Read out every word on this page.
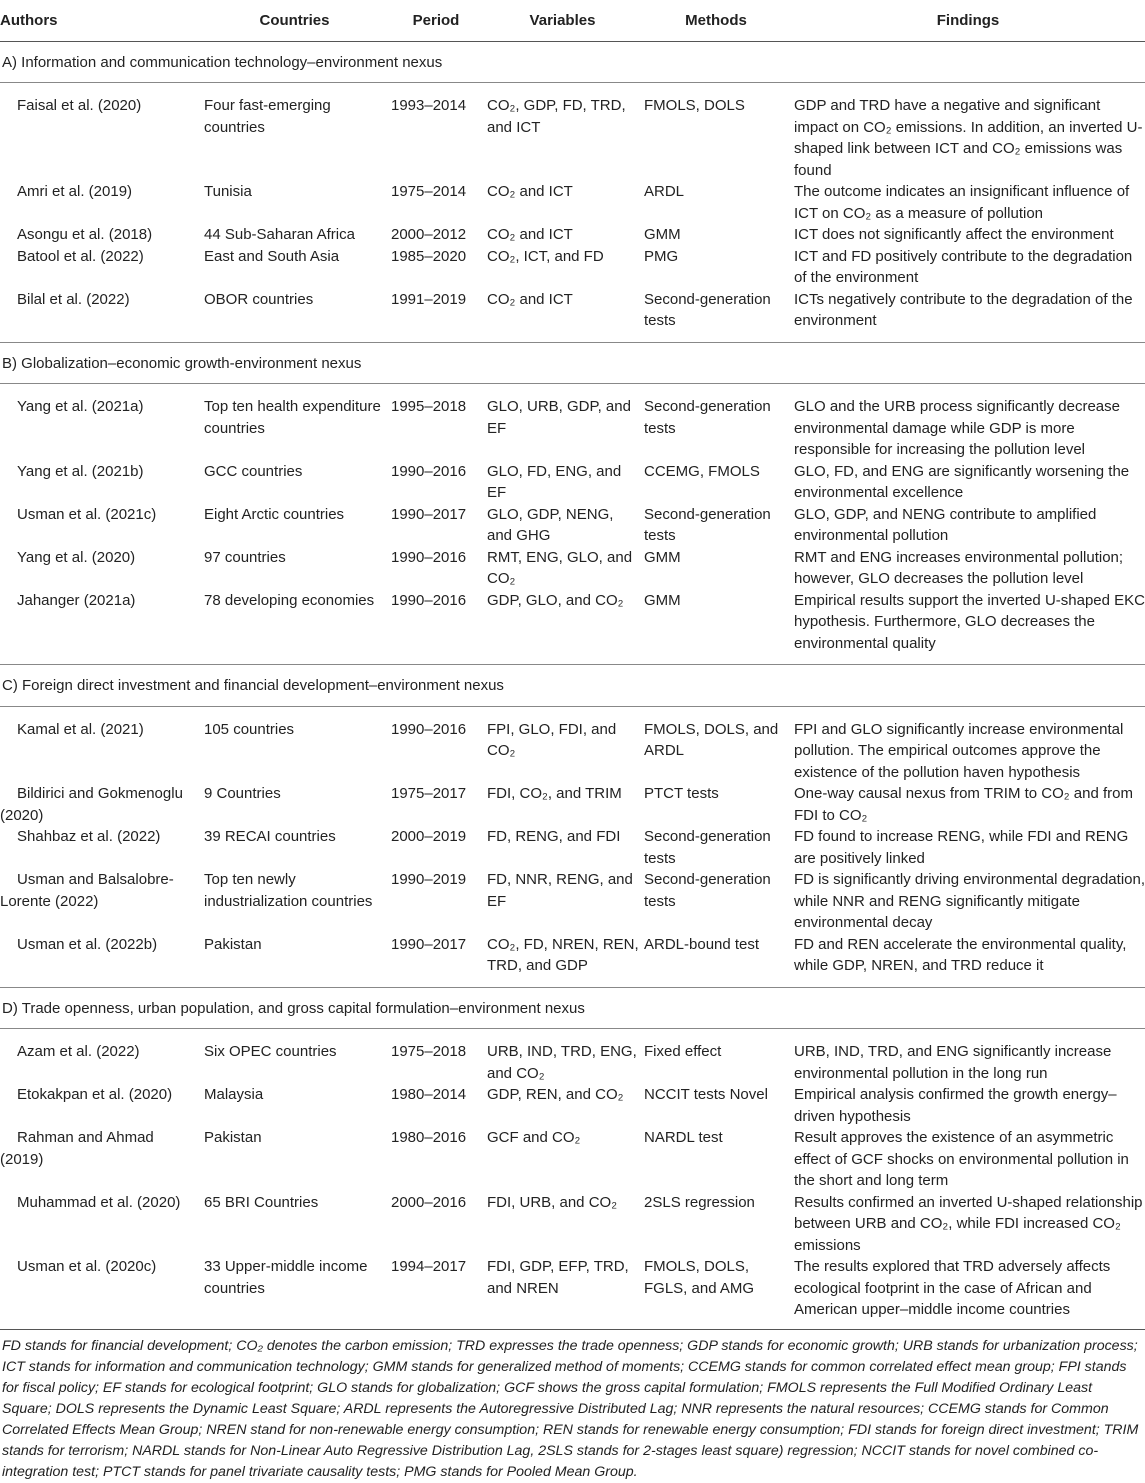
Authors	Countries	Period	Variables	Methods	Findings
A) Information and communication technology–environment nexus					
Faisal et al. (2020)	Four fast-emerging countries	1993–2014	CO₂, GDP, FD, TRD, and ICT	FMOLS, DOLS	GDP and TRD have a negative and significant impact on CO₂ emissions. In addition, an inverted U-shaped link between ICT and CO₂ emissions was found
Amri et al. (2019)	Tunisia	1975–2014	CO₂ and ICT	ARDL	The outcome indicates an insignificant influence of ICT on CO₂ as a measure of pollution
Asongu et al. (2018)	44 Sub-Saharan Africa	2000–2012	CO₂ and ICT	GMM	ICT does not significantly affect the environment
Batool et al. (2022)	East and South Asia	1985–2020	CO₂, ICT, and FD	PMG	ICT and FD positively contribute to the degradation of the environment
Bilal et al. (2022)	OBOR countries	1991–2019	CO₂ and ICT	Second-generation tests	ICTs negatively contribute to the degradation of the environment
B) Globalization–economic growth-environment nexus					
Yang et al. (2021a)	Top ten health expenditure countries	1995–2018	GLO, URB, GDP, and EF	Second-generation tests	GLO and the URB process significantly decrease environmental damage while GDP is more responsible for increasing the pollution level
Yang et al. (2021b)	GCC countries	1990–2016	GLO, FD, ENG, and EF	CCEMG, FMOLS	GLO, FD, and ENG are significantly worsening the environmental excellence
Usman et al. (2021c)	Eight Arctic countries	1990–2017	GLO, GDP, NENG, and GHG	Second-generation tests	GLO, GDP, and NENG contribute to amplified environmental pollution
Yang et al. (2020)	97 countries	1990–2016	RMT, ENG, GLO, and CO₂	GMM	RMT and ENG increases environmental pollution; however, GLO decreases the pollution level
Jahanger (2021a)	78 developing economies	1990–2016	GDP, GLO, and CO₂	GMM	Empirical results support the inverted U-shaped EKC hypothesis. Furthermore, GLO decreases the environmental quality
C) Foreign direct investment and financial development–environment nexus					
Kamal et al. (2021)	105 countries	1990–2016	FPI, GLO, FDI, and CO₂	FMOLS, DOLS, and ARDL	FPI and GLO significantly increase environmental pollution. The empirical outcomes approve the existence of the pollution haven hypothesis
Bildirici and Gokmenoglu (2020)	9 Countries	1975–2017	FDI, CO₂, and TRIM	PTCT tests	One-way causal nexus from TRIM to CO₂ and from FDI to CO₂
Shahbaz et al. (2022)	39 RECAI countries	2000–2019	FD, RENG, and FDI	Second-generation tests	FD found to increase RENG, while FDI and RENG are positively linked
Usman and Balsalobre-Lorente (2022)	Top ten newly industrialization countries	1990–2019	FD, NNR, RENG, and EF	Second-generation tests	FD is significantly driving environmental degradation, while NNR and RENG significantly mitigate environmental decay
Usman et al. (2022b)	Pakistan	1990–2017	CO₂, FD, NREN, REN, TRD, and GDP	ARDL-bound test	FD and REN accelerate the environmental quality, while GDP, NREN, and TRD reduce it
D) Trade openness, urban population, and gross capital formulation–environment nexus					
Azam et al. (2022)	Six OPEC countries	1975–2018	URB, IND, TRD, ENG, and CO₂	Fixed effect	URB, IND, TRD, and ENG significantly increase environmental pollution in the long run
Etokakpan et al. (2020)	Malaysia	1980–2014	GDP, REN, and CO₂	NCCIT tests Novel	Empirical analysis confirmed the growth energy–driven hypothesis
Rahman and Ahmad (2019)	Pakistan	1980–2016	GCF and CO₂	NARDL test	Result approves the existence of an asymmetric effect of GCF shocks on environmental pollution in the short and long term
Muhammad et al. (2020)	65 BRI Countries	2000–2016	FDI, URB, and CO₂	2SLS regression	Results confirmed an inverted U-shaped relationship between URB and CO₂, while FDI increased CO₂ emissions
Usman et al. (2020c)	33 Upper-middle income countries	1994–2017	FDI, GDP, EFP, TRD, and NREN	FMOLS, DOLS, FGLS, and AMG	The results explored that TRD adversely affects ecological footprint in the case of African and American upper–middle income countries
FD stands for financial development; CO₂ denotes the carbon emission; TRD expresses the trade openness; GDP stands for economic growth; URB stands for urbanization process; ICT stands for information and communication technology; GMM stands for generalized method of moments; CCEMG stands for common correlated effect mean group; FPI stands for fiscal policy; EF stands for ecological footprint; GLO stands for globalization; GCF shows the gross capital formulation; FMOLS represents the Full Modified Ordinary Least Square; DOLS represents the Dynamic Least Square; ARDL represents the Autoregressive Distributed Lag; NNR represents the natural resources; CCEMG stands for Common Correlated Effects Mean Group; NREN stand for non-renewable energy consumption; REN stands for renewable energy consumption; FDI stands for foreign direct investment; TRIM stands for terrorism; NARDL stands for Non-Linear Auto Regressive Distribution Lag, 2SLS stands for 2-stages least square) regression; NCCIT stands for novel combined co-integration test; PTCT stands for panel trivariate causality tests; PMG stands for Pooled Mean Group.
